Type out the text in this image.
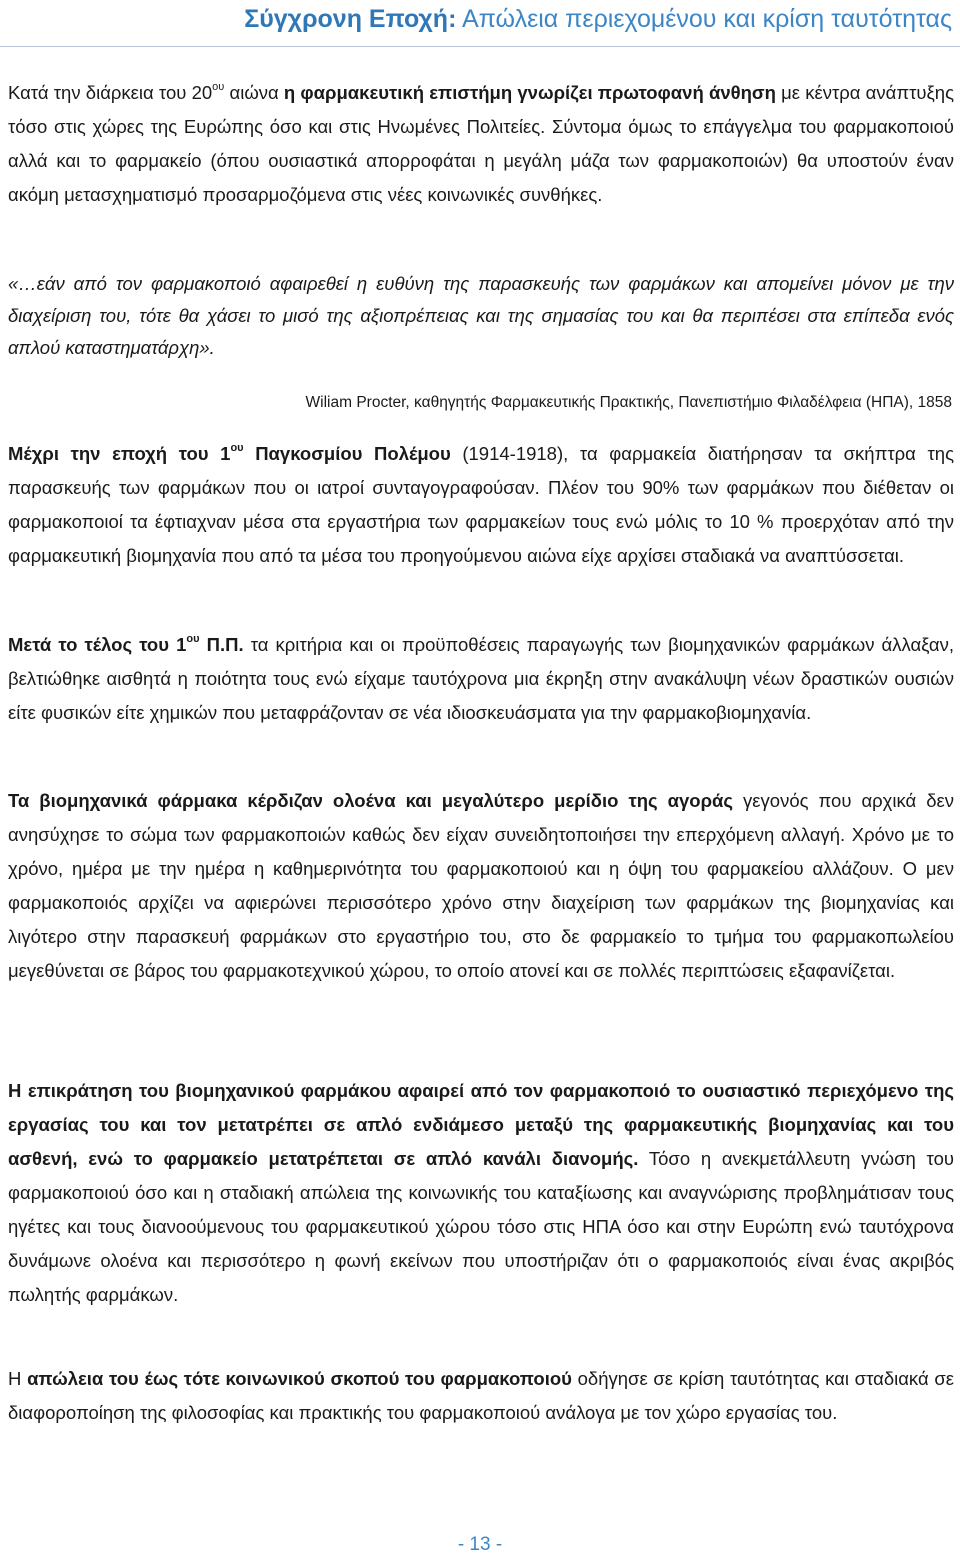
Σύγχρονη Εποχή: Απώλεια περιεχομένου και κρίση ταυτότητας
Κατά την διάρκεια του $20^{o\upsilon}$ αιώνα η φαρμακευτική επιστήμη γνωρίζει πρωτοφανή άνθηση με κέντρα ανάπτυξης τόσο στις χώρες της Ευρώπης όσο και στις Ηνωμένες Πολιτείες. Σύντομα όμως το επάγγελμα του φαρμακοποιού αλλά και το φαρμακείο (όπου ουσιαστικά απορροφάται η μεγάλη μάζα των φαρμακοποιών) θα υποστούν έναν ακόμη μετασχηματισμό προσαρμοζόμενα στις νέες κοινωνικές συνθήκες.
«…εάν από τον φαρμακοποιό αφαιρεθεί η ευθύνη της παρασκευής των φαρμάκων και απομείνει μόνον με την διαχείριση του, τότε θα χάσει το μισό της αξιοπρέπειας και της σημασίας του και θα περιπέσει στα επίπεδα ενός απλού καταστηματάρχη».
Wiliam Procter, καθηγητής Φαρμακευτικής Πρακτικής, Πανεπιστήμιο Φιλαδέλφεια (ΗΠΑ), 1858
Μέχρι την εποχή του $1^{o\upsilon}$ Παγκοσμίου Πολέμου (1914-1918), τα φαρμακεία διατήρησαν τα σκήπτρα της παρασκευής των φαρμάκων που οι ιατροί συνταγογραφούσαν. Πλέον του 90% των φαρμάκων που διέθεταν οι φαρμακοποιοί τα έφτιαχναν μέσα στα εργαστήρια των φαρμακείων τους ενώ μόλις το 10 % προερχόταν από την φαρμακευτική βιομηχανία που από τα μέσα του προηγούμενου αιώνα είχε αρχίσει σταδιακά να αναπτύσσεται.
Μετά το τέλος του $1^{o\upsilon}$ Π.Π. τα κριτήρια και οι προϋποθέσεις παραγωγής των βιομηχανικών φαρμάκων άλλαξαν, βελτιώθηκε αισθητά η ποιότητα τους ενώ είχαμε ταυτόχρονα μια έκρηξη στην ανακάλυψη νέων δραστικών ουσιών είτε φυσικών είτε χημικών που μεταφράζονταν σε νέα ιδιοσκευάσματα για την φαρμακοβιομηχανία.
Τα βιομηχανικά φάρμακα κέρδιζαν ολοένα και μεγαλύτερο μερίδιο της αγοράς γεγονός που αρχικά δεν ανησύχησε το σώμα των φαρμακοποιών καθώς δεν είχαν συνειδητοποιήσει την επερχόμενη αλλαγή. Χρόνο με το χρόνο, ημέρα με την ημέρα η καθημερινότητα του φαρμακοποιού και η όψη του φαρμακείου αλλάζουν. Ο μεν φαρμακοποιός αρχίζει να αφιερώνει περισσότερο χρόνο στην διαχείριση των φαρμάκων της βιομηχανίας και λιγότερο στην παρασκευή φαρμάκων στο εργαστήριο του, στο δε φαρμακείο το τμήμα του φαρμακοπωλείου μεγεθύνεται σε βάρος του φαρμακοτεχνικού χώρου, το οποίο ατονεί και σε πολλές περιπτώσεις εξαφανίζεται.
Η επικράτηση του βιομηχανικού φαρμάκου αφαιρεί από τον φαρμακοποιό το ουσιαστικό περιεχόμενο της εργασίας του και τον μετατρέπει σε απλό ενδιάμεσο μεταξύ της φαρμακευτικής βιομηχανίας και του ασθενή, ενώ το φαρμακείο μετατρέπεται σε απλό κανάλι διανομής. Τόσο η ανεκμετάλλευτη γνώση του φαρμακοποιού όσο και η σταδιακή απώλεια της κοινωνικής του καταξίωσης και αναγνώρισης προβλημάτισαν τους ηγέτες και τους διανοούμενους του φαρμακευτικού χώρου τόσο στις ΗΠΑ όσο και στην Ευρώπη ενώ ταυτόχρονα δυνάμωνε ολοένα και περισσότερο η φωνή εκείνων που υποστήριζαν ότι ο φαρμακοποιός είναι ένας ακριβός πωλητής φαρμάκων.
Η απώλεια του έως τότε κοινωνικού σκοπού του φαρμακοποιού οδήγησε σε κρίση ταυτότητας και σταδιακά σε διαφοροποίηση της φιλοσοφίας και πρακτικής του φαρμακοποιού ανάλογα με τον χώρο εργασίας του.
- 13 -
